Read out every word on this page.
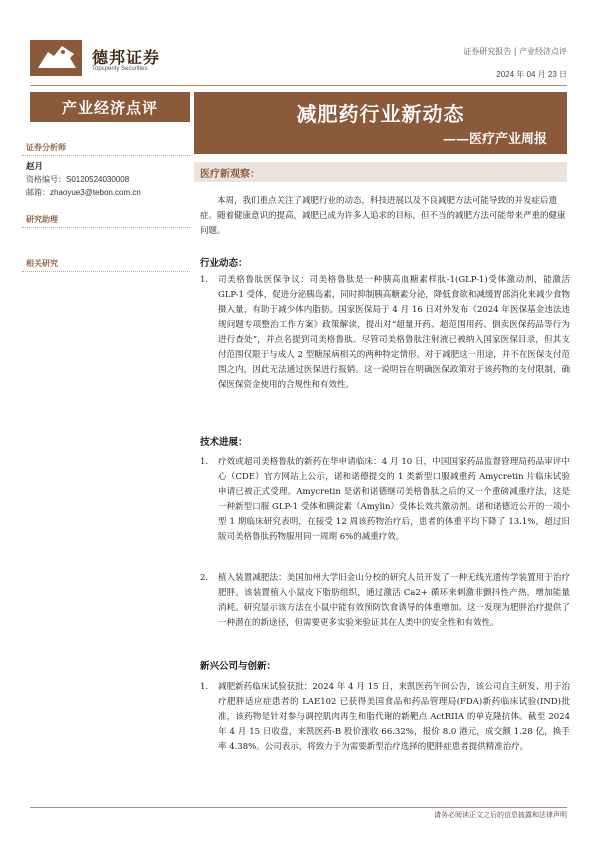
德邦证券
Topsperity Securities
证券研究报告 | 产业经济点评
2024 年 04 月 23 日
产业经济点评
证券分析师
赵月
资格编号：S0120524030008
邮箱：zhaoyue3@tebon.com.cn
研究助理
相关研究
减肥药行业新动态
——医疗产业周报
医疗新观察：
本周，我们重点关注了减肥行业的动态，科技进展以及不良减肥方法可能导致的并发症后遗症。随着健康意识的提高，减肥已成为许多人追求的目标，但不当的减肥方法可能带来严重的健康问题。
行业动态：
1. 司美格鲁肽医保争议：司美格鲁肽是一种胰高血糖素样肽-1(GLP-1)受体激动剂，能激活 GLP-1 受体，促进分泌胰岛素，同时抑制胰高糖素分泌，降低食欲和减缓胃部消化来减少食物摄入量，有助于减少体内脂肪。国家医保局于 4 月 16 日对外发布《2024 年医保基金违法违规问题专项整治工作方案》政策解读，提出对“超量开药、超范围用药、倒卖医保药品等行为进行查处”，并点名提到司美格鲁肽。尽管司美格鲁肽注射液已被纳入国家医保目录，但其支付范围仅限于与成人 2 型糖尿病相关的两种特定情形。对于减肥这一用途，并不在医保支付范围之内，因此无法通过医保进行报销。这一说明旨在明确医保政策对于该药物的支付限制，确保医保资金使用的合规性和有效性。
技术进展：
1. 疗效或超司美格鲁肽的新药在华申请临床：4 月 10 日，中国国家药品监督管理局药品审评中心（CDE）官方网站上公示，诺和诺德提交的 1 类新型口服减重药 Amycretin 片临床试验申请已被正式受理。Amycretin 是诺和诺德继司美格鲁肽之后的又一个重磅减重疗法，这是一种新型口服 GLP-1 受体和胰淀素（Amylin）受体长效共激动剂。诺和诺德近公开的一项小型 1 期临床研究表明，在接受 12 周该药物治疗后，患者的体重平均下降了 13.1%，超过旧版司美格鲁肽药物服用同一周期 6%的减重疗效。
2. 植入装置减肥法：美国加州大学旧金山分校的研究人员开发了一种无线光遗传学装置用于治疗肥胖。该装置植入小鼠皮下脂肪组织，通过激活 Ca2+ 循环来刺激非颤抖性产热，增加能量消耗。研究显示该方法在小鼠中能有效预防饮食诱导的体重增加。这一发现为肥胖治疗提供了一种潜在的新途径，但需要更多实验来验证其在人类中的安全性和有效性。
新兴公司与创新：
1. 减肥新药临床试验获批：2024 年 4 月 15 日，来凯医药午间公告，该公司自主研发、用于治疗肥胖适应症患者的 LAE102 已获得美国食品和药品管理局(FDA)新药临床试验(IND)批准，该药物是针对参与调控肌肉再生和脂代谢的新靶点 ActRIIA 的单克隆抗体。截至 2024 年 4 月 15 日收盘，来凯医药-B 股价涨收 66.32%，报价 8.0 港元，成交额 1.28 亿，换手率 4.38%。公司表示，将致力于为需要新型治疗选择的肥胖症患者提供精准治疗。
请务必阅读正文之后的信息披露和法律声明
